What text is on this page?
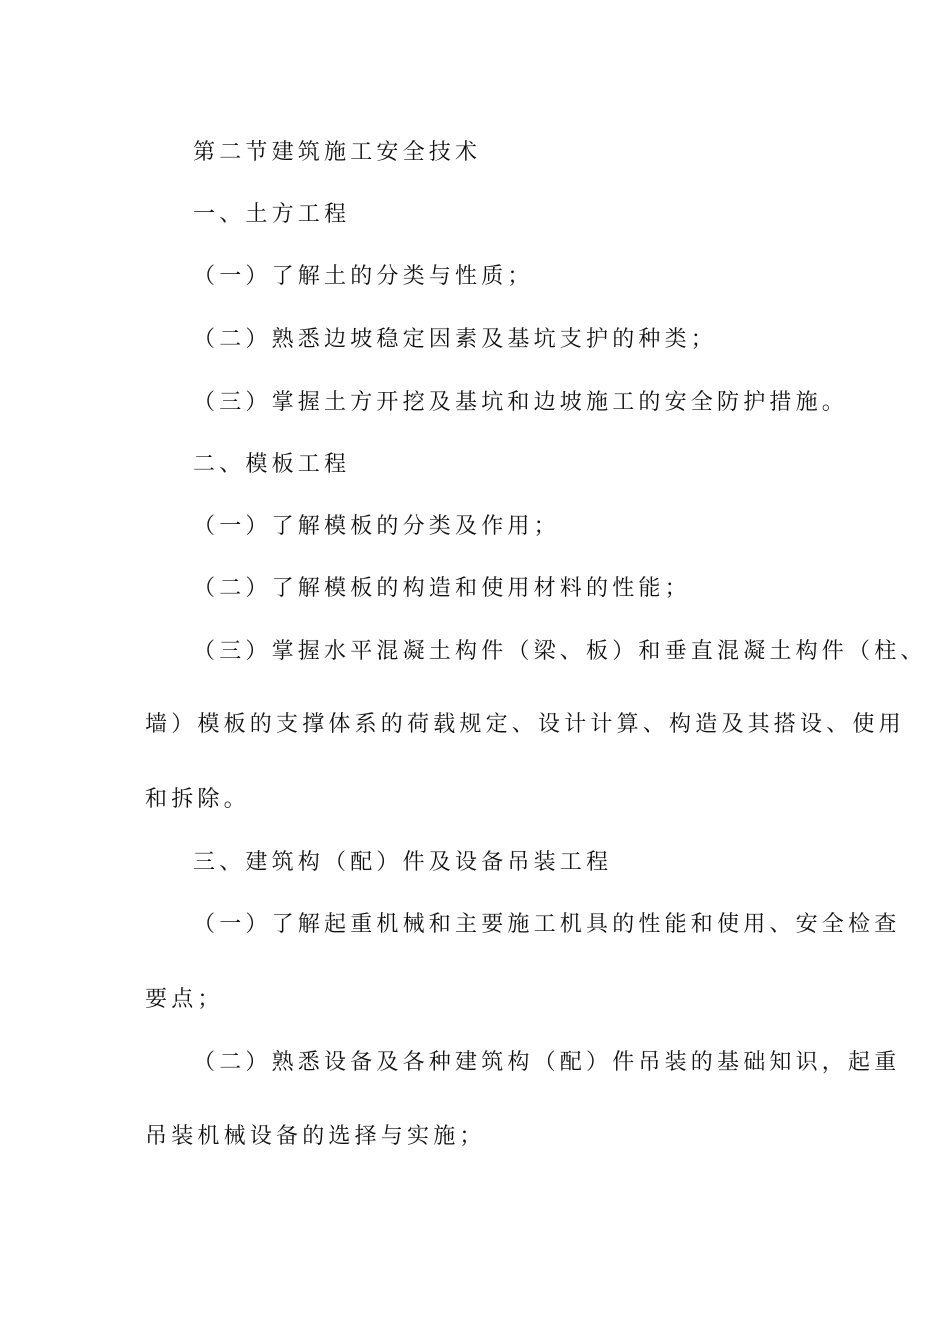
第二节建筑施工安全技术
一、土方工程
（一）了解土的分类与性质；
（二）熟悉边坡稳定因素及基坑支护的种类；
（三）掌握土方开挖及基坑和边坡施工的安全防护措施。
二、模板工程
（一）了解模板的分类及作用；
（二）了解模板的构造和使用材料的性能；
（三）掌握水平混凝土构件（梁、板）和垂直混凝土构件（柱、
墙）模板的支撑体系的荷载规定、设计计算、构造及其搭设、使用
和拆除。
三、建筑构（配）件及设备吊装工程
（一）了解起重机械和主要施工机具的性能和使用、安全检查
要点；
（二）熟悉设备及各种建筑构（配）件吊装的基础知识，起重
吊装机械设备的选择与实施；
